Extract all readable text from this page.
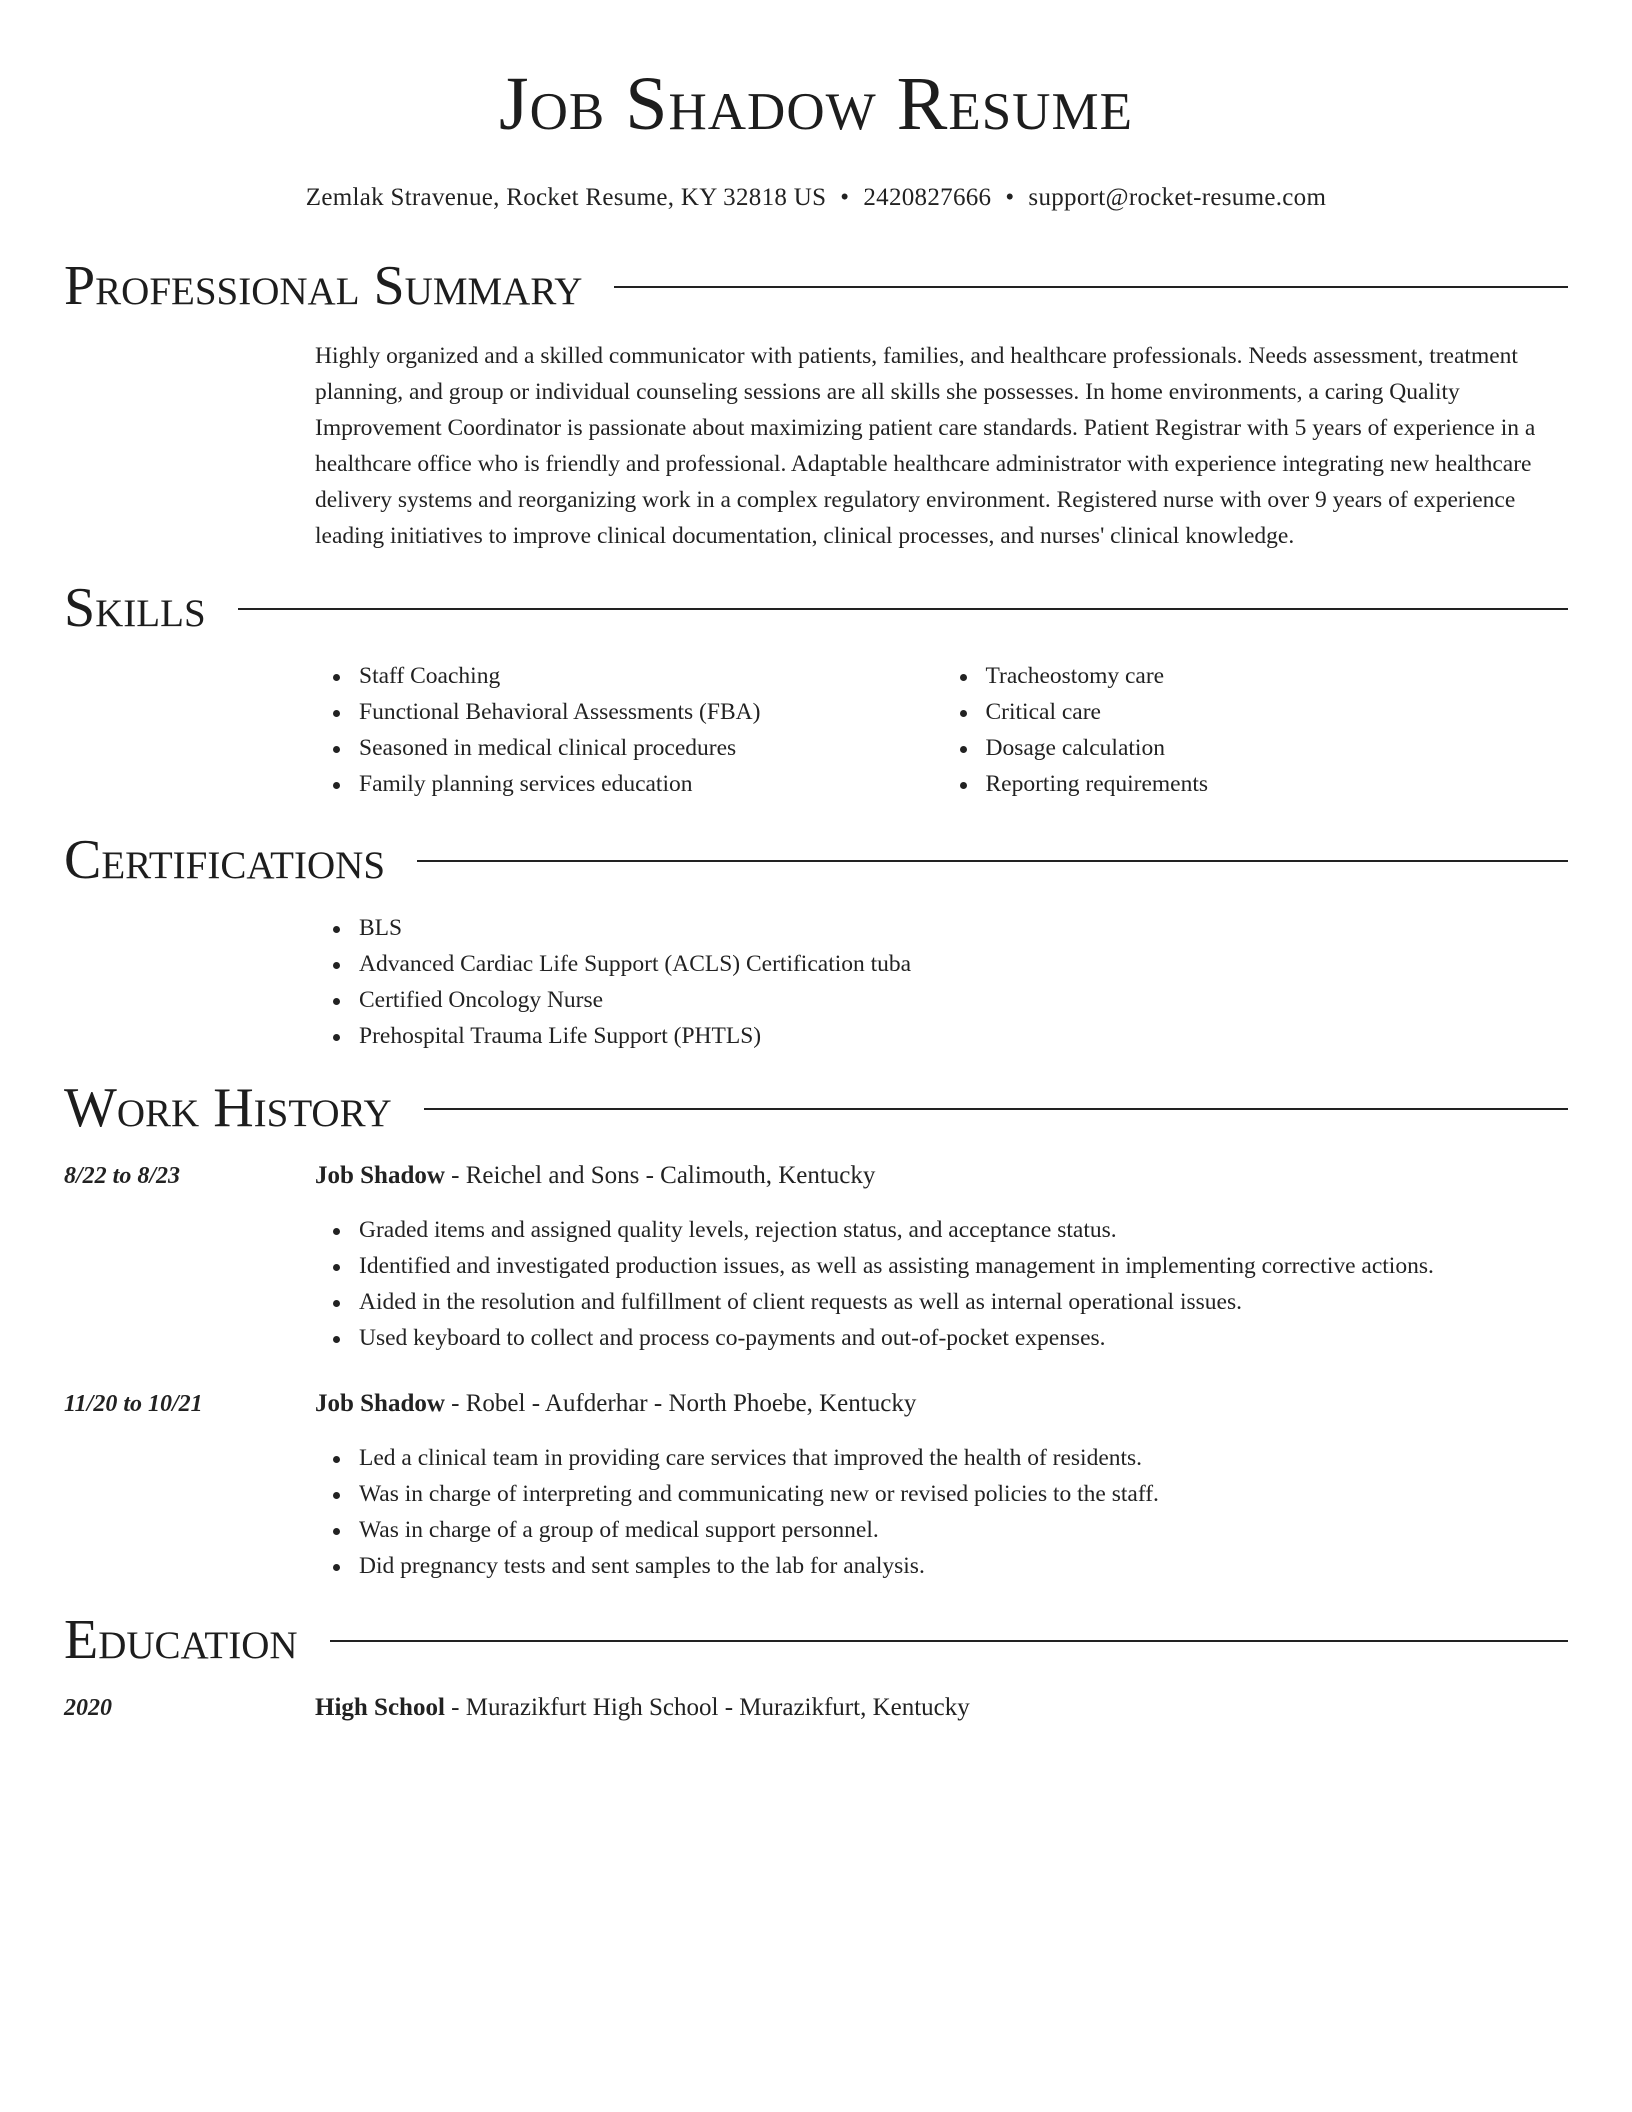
Job Shadow Resume
Zemlak Stravenue, Rocket Resume, KY 32818 US • 2420827666 • support@rocket-resume.com
Professional Summary
Highly organized and a skilled communicator with patients, families, and healthcare professionals. Needs assessment, treatment planning, and group or individual counseling sessions are all skills she possesses. In home environments, a caring Quality Improvement Coordinator is passionate about maximizing patient care standards. Patient Registrar with 5 years of experience in a healthcare office who is friendly and professional. Adaptable healthcare administrator with experience integrating new healthcare delivery systems and reorganizing work in a complex regulatory environment. Registered nurse with over 9 years of experience leading initiatives to improve clinical documentation, clinical processes, and nurses' clinical knowledge.
Skills
Staff Coaching
Functional Behavioral Assessments (FBA)
Seasoned in medical clinical procedures
Family planning services education
Tracheostomy care
Critical care
Dosage calculation
Reporting requirements
Certifications
BLS
Advanced Cardiac Life Support (ACLS) Certification tuba
Certified Oncology Nurse
Prehospital Trauma Life Support (PHTLS)
Work History
8/22 to 8/23	Job Shadow - Reichel and Sons - Calimouth, Kentucky
Graded items and assigned quality levels, rejection status, and acceptance status.
Identified and investigated production issues, as well as assisting management in implementing corrective actions.
Aided in the resolution and fulfillment of client requests as well as internal operational issues.
Used keyboard to collect and process co-payments and out-of-pocket expenses.
11/20 to 10/21	Job Shadow - Robel - Aufderhar - North Phoebe, Kentucky
Led a clinical team in providing care services that improved the health of residents.
Was in charge of interpreting and communicating new or revised policies to the staff.
Was in charge of a group of medical support personnel.
Did pregnancy tests and sent samples to the lab for analysis.
Education
2020	High School - Murazikfurt High School - Murazikfurt, Kentucky
